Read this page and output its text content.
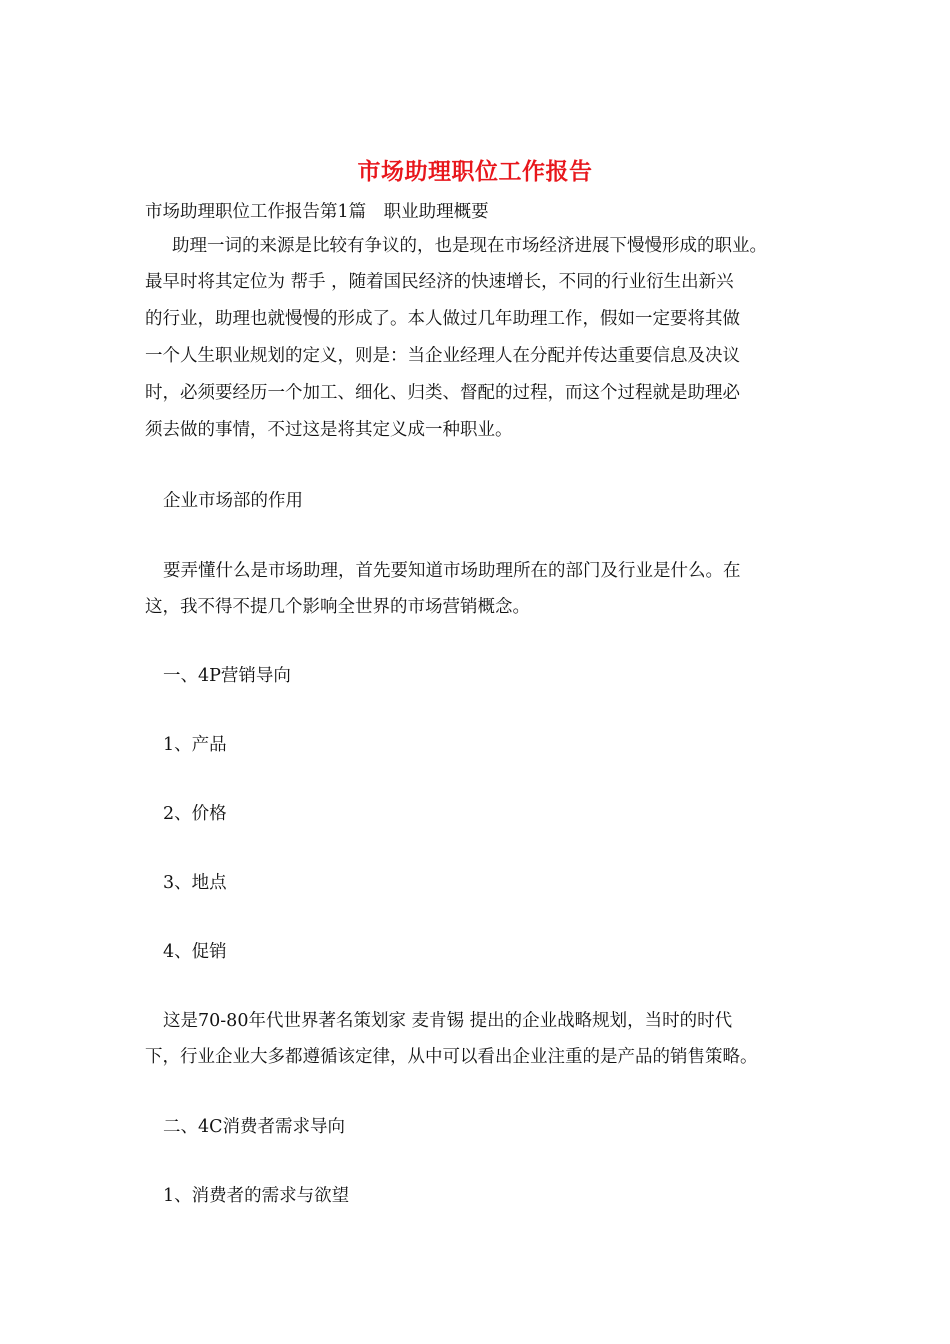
市场助理职位工作报告
市场助理职位工作报告第1篇　职业助理概要
助理一词的来源是比较有争议的，也是现在市场经济进展下慢慢形成的职业。
最早时将其定位为 帮手 ，随着国民经济的快速增长，不同的行业衍生出新兴
的行业，助理也就慢慢的形成了。本人做过几年助理工作，假如一定要将其做
一个人生职业规划的定义，则是：当企业经理人在分配并传达重要信息及决议
时，必须要经历一个加工、细化、归类、督配的过程，而这个过程就是助理必
须去做的事情，不过这是将其定义成一种职业。
企业市场部的作用
要弄懂什么是市场助理，首先要知道市场助理所在的部门及行业是什么。在
这，我不得不提几个影响全世界的市场营销概念。
一、4P营销导向
1、产品
2、价格
3、地点
4、促销
这是70-80年代世界著名策划家 麦肯锡 提出的企业战略规划，当时的时代
下，行业企业大多都遵循该定律，从中可以看出企业注重的是产品的销售策略。
二、4C消费者需求导向
1、消费者的需求与欲望
